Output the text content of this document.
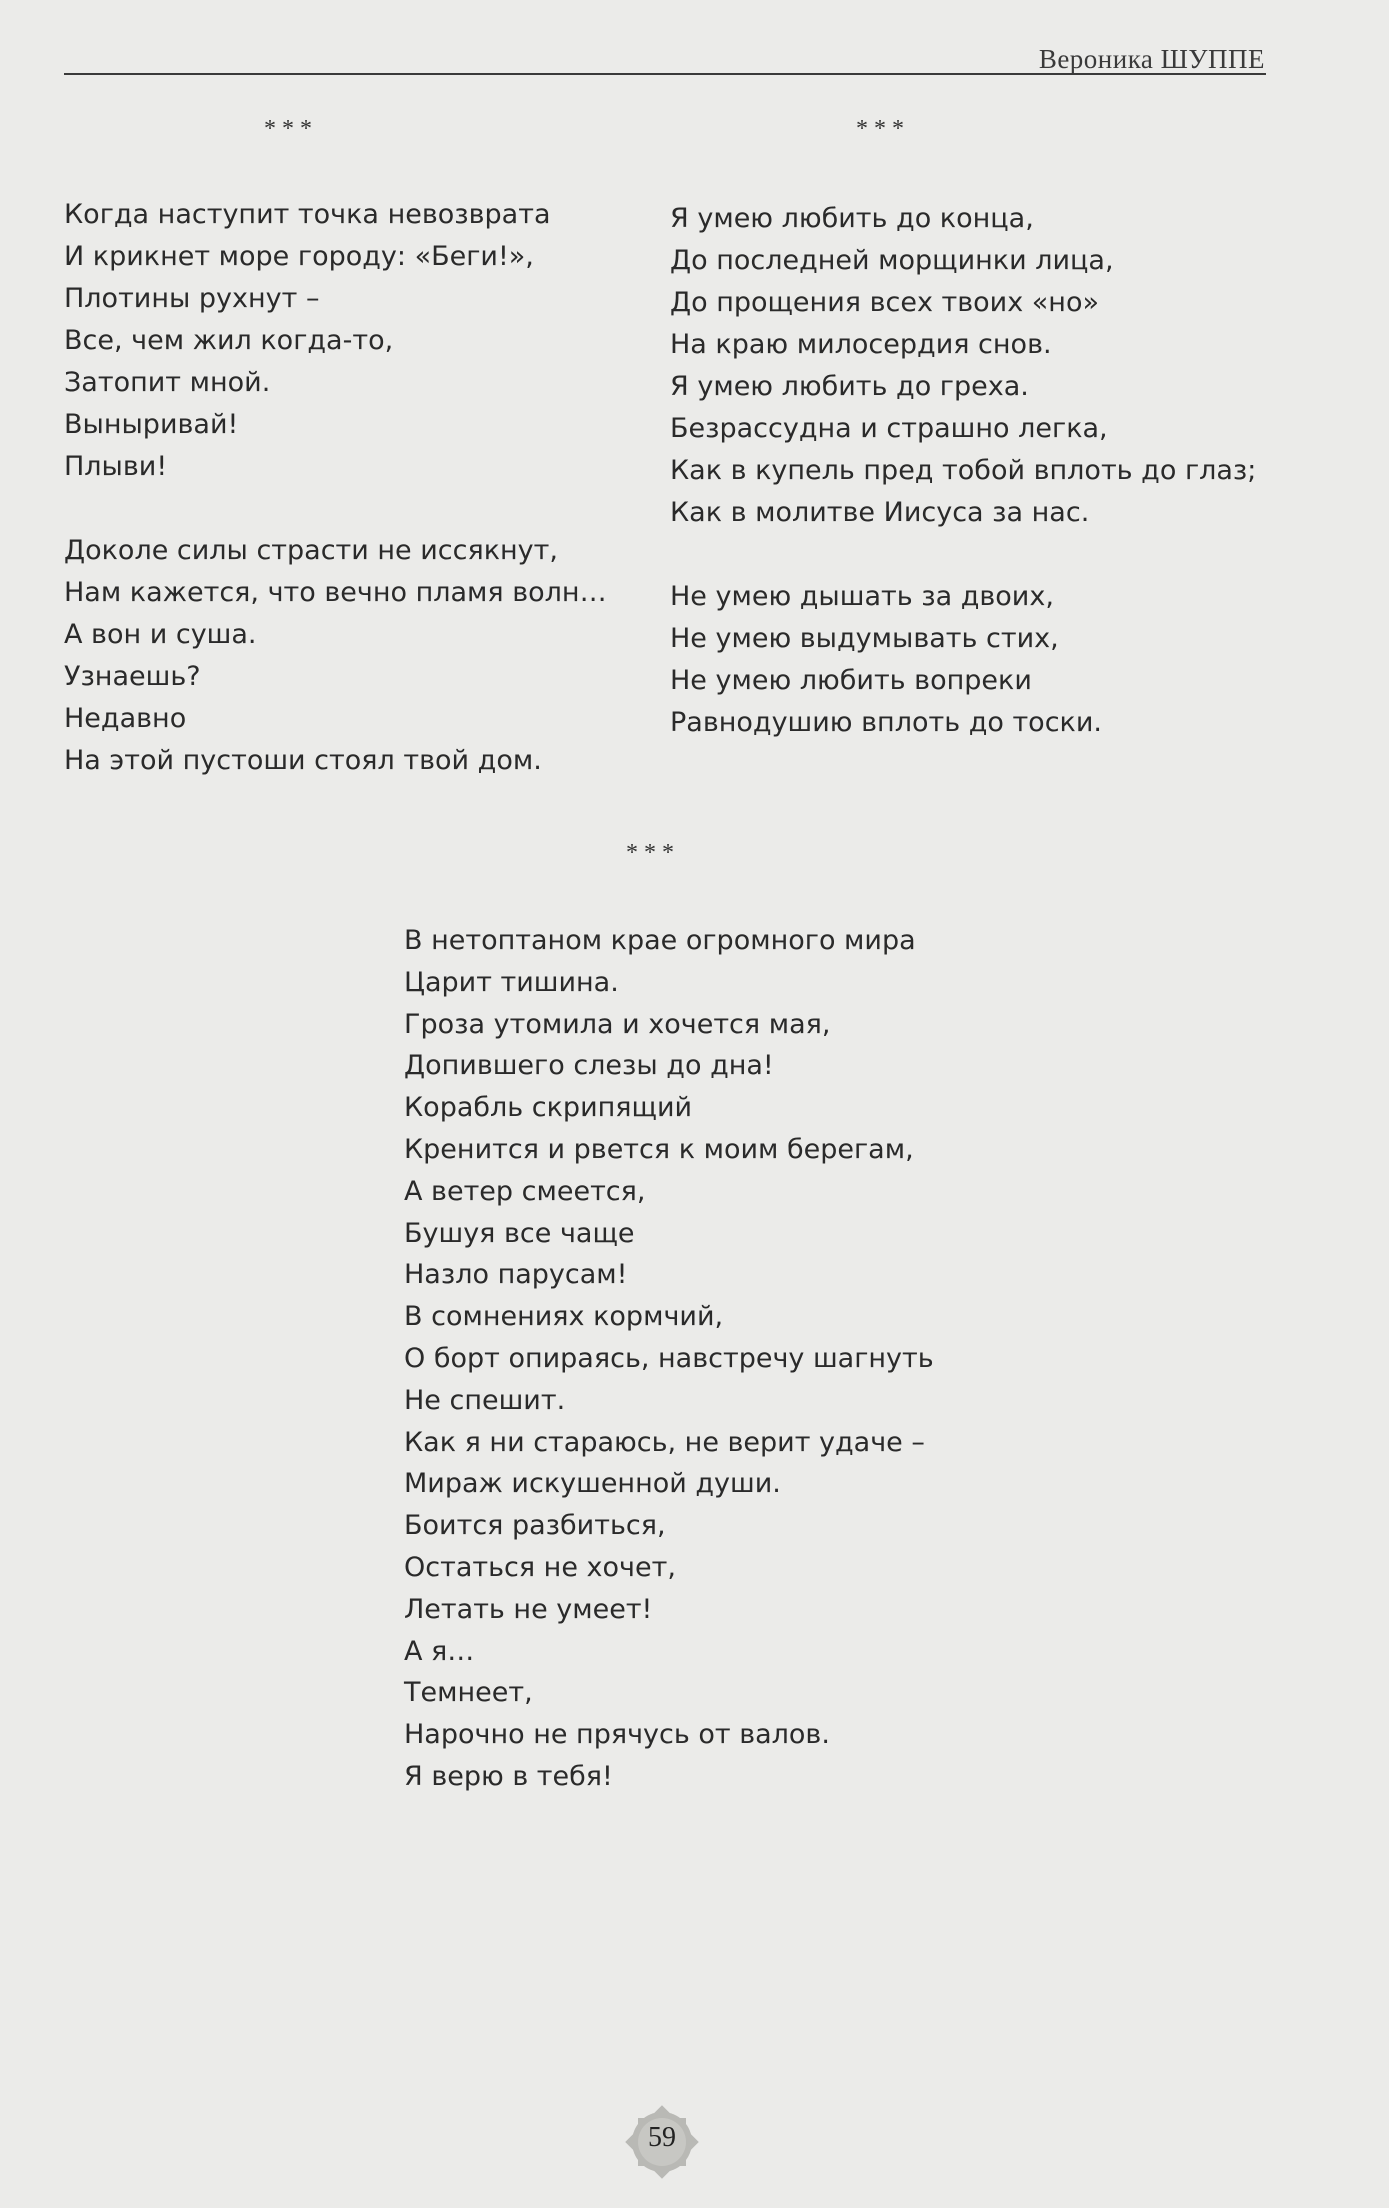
Вероника ШУППЕ
***
Когда наступит точка невозврата
И крикнет море городу: «Беги!»,
Плотины рухнут –
Все, чем жил когда-то,
Затопит мной.
Выныривай!
Плыви!
Доколе силы страсти не иссякнут,
Нам кажется, что вечно пламя волн…
А вон и суша.
Узнаешь?
Недавно
На этой пустоши стоял твой дом.
***
Я умею любить до конца,
До последней морщинки лица,
До прощения всех твоих «но»
На краю милосердия снов.
Я умею любить до греха.
Безрассудна и страшно легка,
Как в купель пред тобой вплоть до глаз;
Как в молитве Иисуса за нас.
Не умею дышать за двоих,
Не умею выдумывать стих,
Не умею любить вопреки
Равнодушию вплоть до тоски.
***
В нетоптаном крае огромного мира
Царит тишина.
Гроза утомила и хочется мая,
Допившего слезы до дна!
Корабль скрипящий
Кренится и рвется к моим берегам,
А ветер смеется,
Бушуя все чаще
Назло парусам!
В сомнениях кормчий,
О борт опираясь, навстречу шагнуть
Не спешит.
Как я ни стараюсь, не верит удаче –
Мираж искушенной души.
Боится разбиться,
Остаться не хочет,
Летать не умеет!
А я…
Темнеет,
Нарочно не прячусь от валов.
Я верю в тебя!
59
